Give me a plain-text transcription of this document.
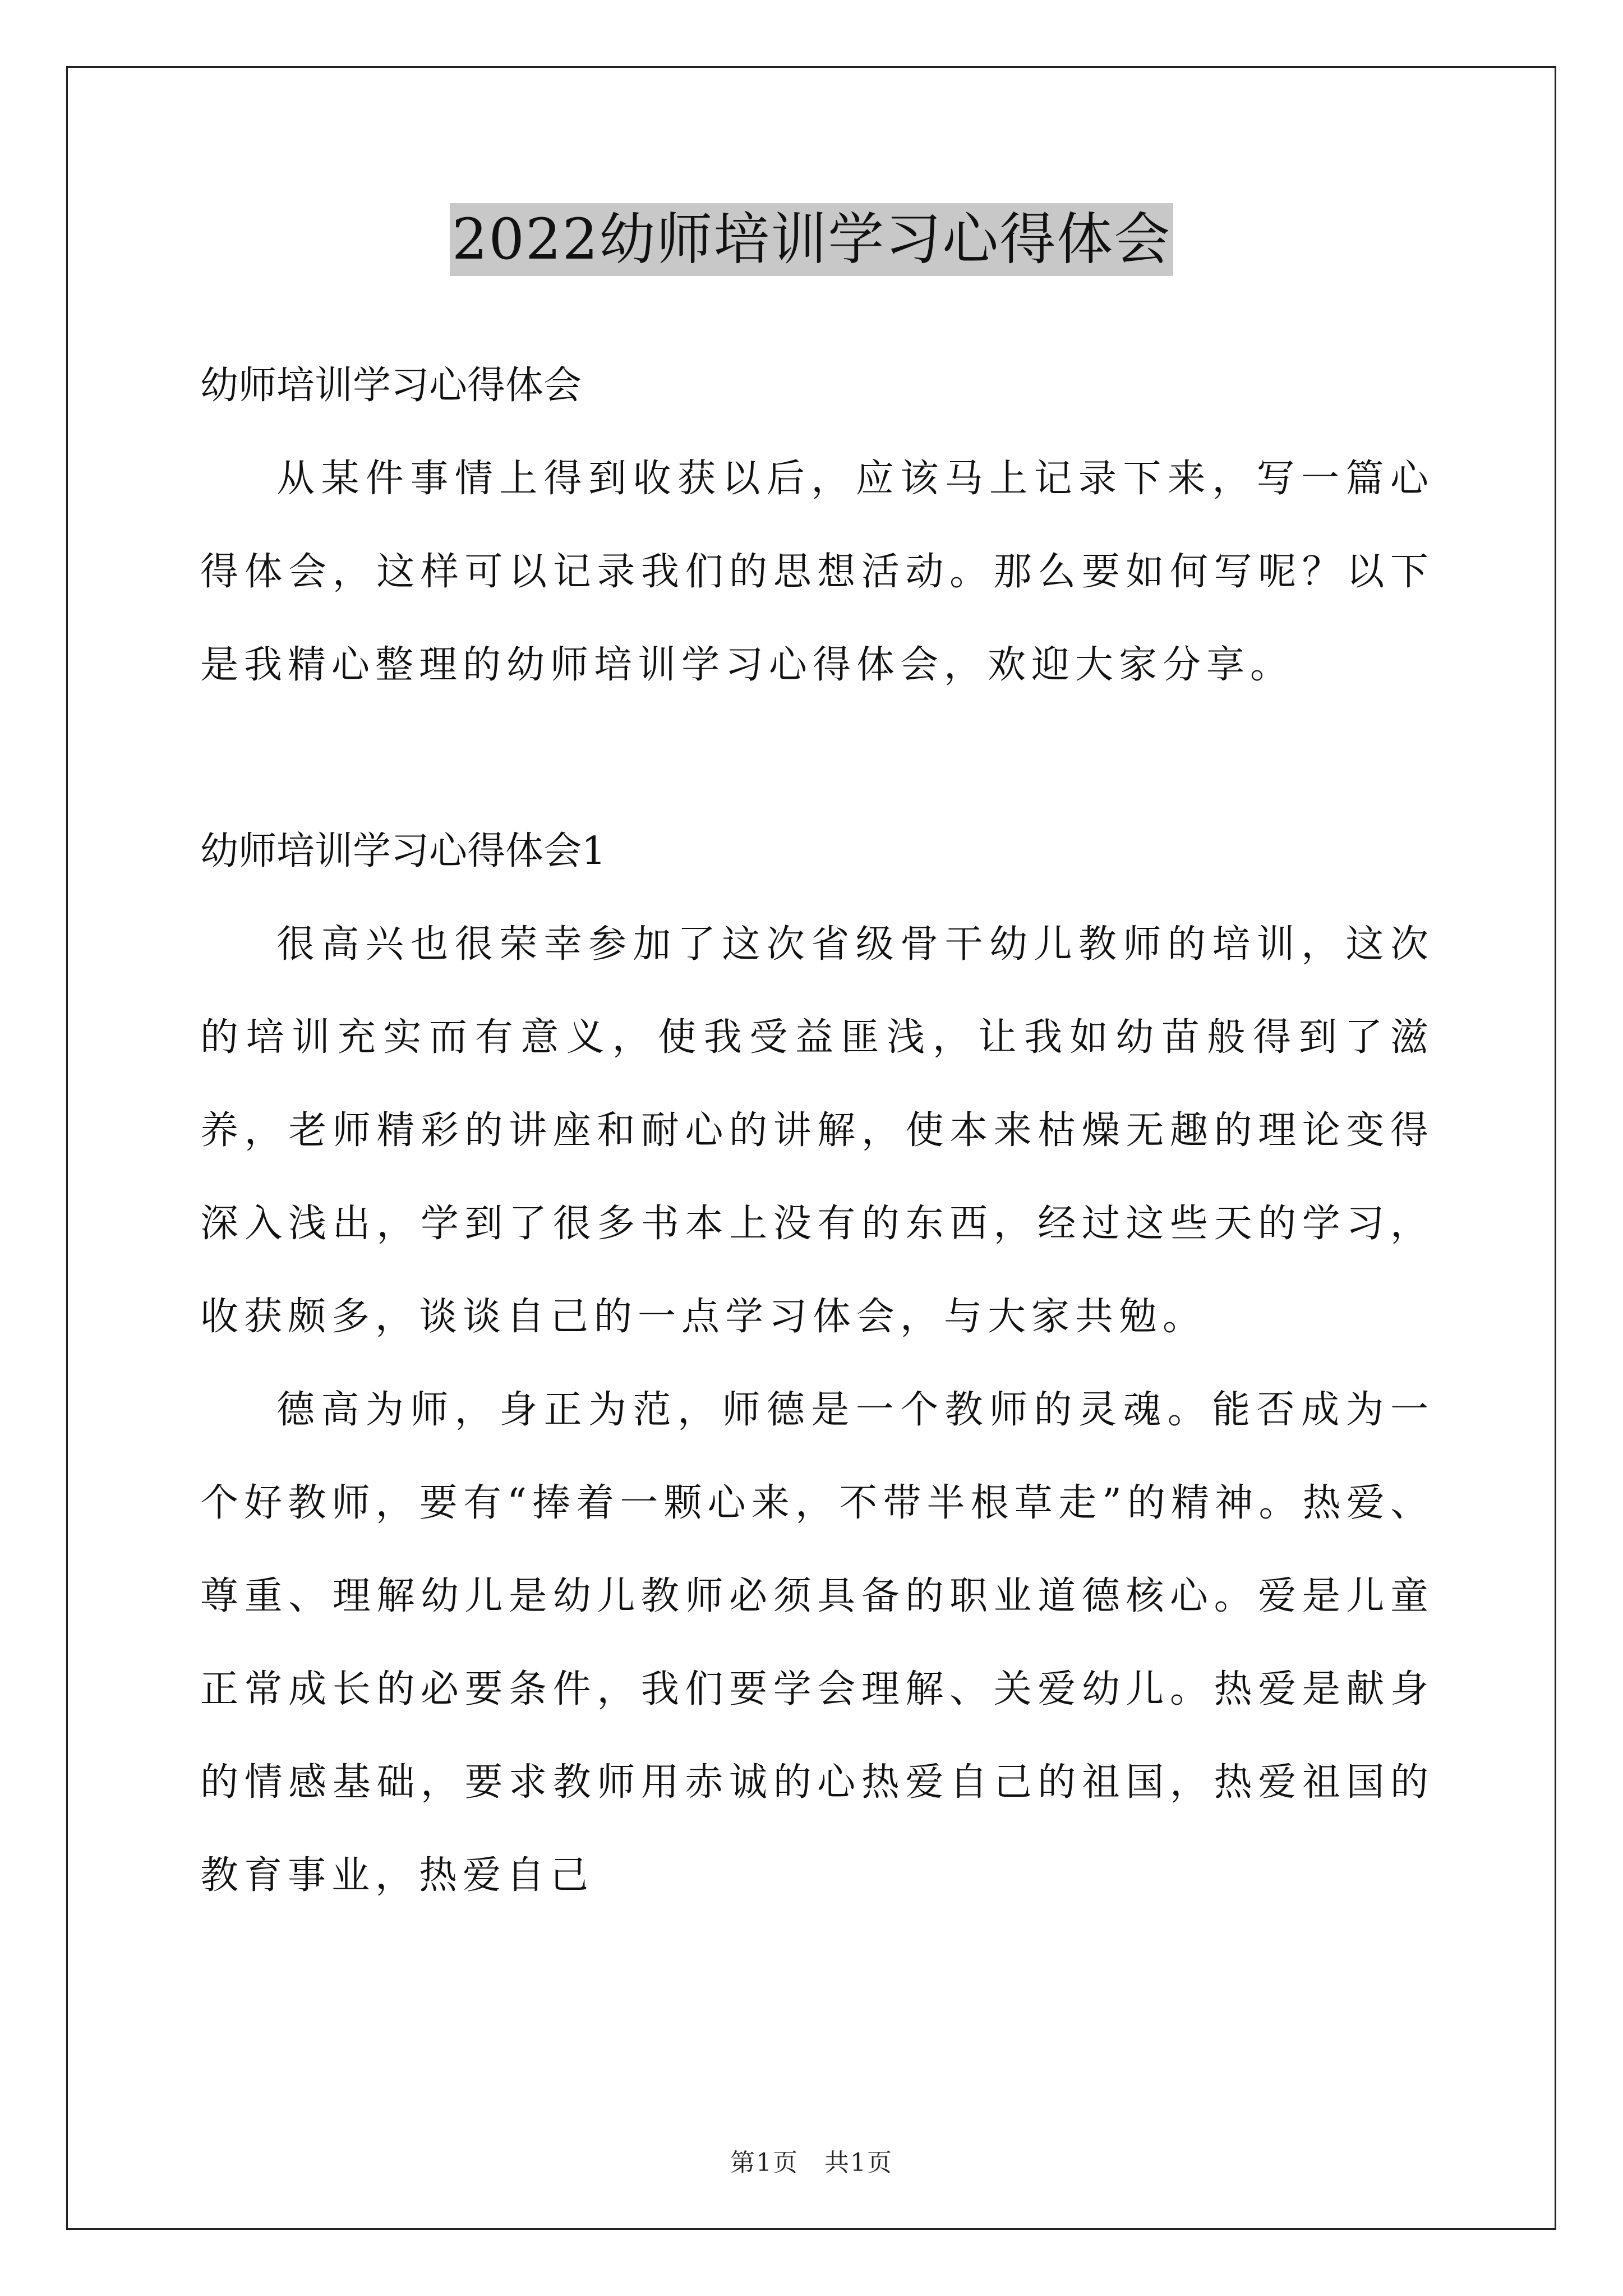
2022幼师培训学习心得体会

幼师培训学习心得体会

从某件事情上得到收获以后，应该马上记录下来，写一篇心得体会，这样可以记录我们的思想活动。那么要如何写呢？以下是我精心整理的幼师培训学习心得体会，欢迎大家分享。

幼师培训学习心得体会1

很高兴也很荣幸参加了这次省级骨干幼儿教师的培训，这次的培训充实而有意义，使我受益匪浅，让我如幼苗般得到了滋养，老师精彩的讲座和耐心的讲解，使本来枯燥无趣的理论变得深入浅出，学到了很多书本上没有的东西，经过这些天的学习，收获颇多，谈谈自己的一点学习体会，与大家共勉。

德高为师，身正为范，师德是一个教师的灵魂。能否成为一个好教师，要有“捧着一颗心来，不带半根草走”的精神。热爱、尊重、理解幼儿是幼儿教师必须具备的职业道德核心。爱是儿童正常成长的必要条件，我们要学会理解、关爱幼儿。热爱是献身的情感基础，要求教师用赤诚的心热爱自己的祖国，热爱祖国的教育事业，热爱自己

第1页　共1页
